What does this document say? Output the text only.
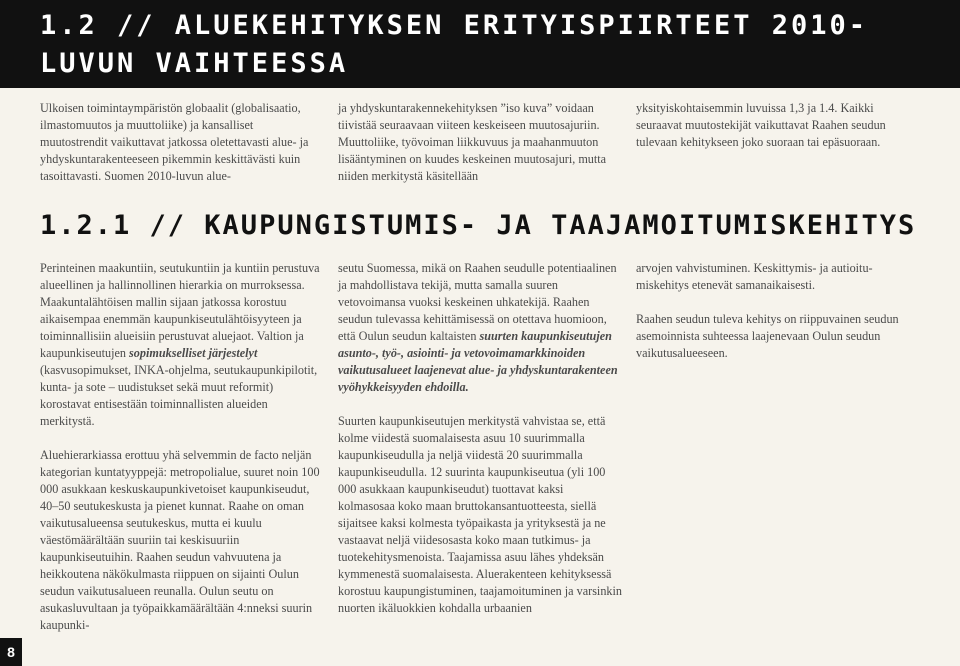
1.2 // ALUEKEHITYKSEN ERITYISPIIRTEET 2010-LUVUN VAIHTEESSA

Ulkoisen toimintaympäristön globaalit (globalisaatio, ilmastomuutos ja muuttoliike) ja kansalliset muutostrendit vaikuttavat jatkossa oletettavasti alue- ja yhdyskuntarakenteeseen pikemmin keskittävästi kuin tasoittavasti. Suomen 2010-luvun alue-

ja yhdyskuntarakennekehityksen ”iso kuva” voidaan tiivistää seuraavaan viiteen keskeiseen muutosajuriin. Muuttoliike, työvoiman liikkuvuus ja maahanmuuton lisääntyminen on kuudes keskeinen muutosajuri, mutta niiden merkitystä käsitellään

yksityiskohtaisemmin luvuissa 1,3 ja 1.4. Kaikki seuraavat muutostekijät vaikuttavat Raahen seudun tulevaan kehitykseen joko suoraan tai epäsuoraan.

1.2.1 // KAUPUNGISTUMIS- JA TAAJAMOITUMISKEHITYS

Perinteinen maakuntiin, seutukuntiin ja kuntiin perustuva alueellinen ja hallinnollinen hierarkia on murroksessa. Maakuntalähtöisen mallin sijaan jatkossa korostuu aikaisempaa enemmän kaupunkiseutulähtöisyyteen ja toiminnallisiin alueisiin perustuvat aluejaot. Valtion ja kaupunkiseutujen sopimukselliset järjestelyt (kasvusopimukset, INKA-ohjelma, seutukaupunkipilotit, kunta- ja sote – uudistukset sekä muut reformit) korostavat entisestään toiminnallisten alueiden merkitystä.

Aluehierarkiassa erottuu yhä selvemmin de facto neljän kategorian kuntatyyppejä: metropolialue, suuret noin 100 000 asukkaan keskuskaupunkivetoiset kaupunkiseudut, 40–50 seutukeskusta ja pienet kunnat. Raahe on oman vaikutusalueensa seutukeskus, mutta ei kuulu väestömäärältään suuriin tai keskisuuriin kaupunkiseutuihin. Raahen seudun vahvuutena ja heikkoutena näkökulmasta riippuen on sijainti Oulun seudun vaikutusalueen reunalla. Oulun seutu on asukasluvultaan ja työpaikkamäärältään 4:nneksi suurin kaupunki-

seutu Suomessa, mikä on Raahen seudulle potentiaalinen ja mahdollistava tekijä, mutta samalla suuren vetovoimansa vuoksi keskeinen uhkatekijä. Raahen seudun tulevassa kehittämisessä on otettava huomioon, että Oulun seudun kaltaisten suurten kaupunkiseutujen asunto-, työ-, asiointi- ja vetovoimamarkkinoiden vaikutusalueet laajenevat alue- ja yhdyskuntarakenteen vyöhykkeisyyden ehdoilla.

Suurten kaupunkiseutujen merkitystä vahvistaa se, että kolme viidestä suomalaisesta asuu 10 suurimmalla kaupunkiseudulla ja neljä viidestä 20 suurimmalla kaupunkiseudulla. 12 suurinta kaupunkiseutua (yli 100 000 asukkaan kaupunkiseudut) tuottavat kaksi kolmasosaa koko maan bruttokansantuotteesta, siellä sijaitsee kaksi kolmesta työpaikasta ja yrityksestä ja ne vastaavat neljä viidesosasta koko maan tutkimus- ja tuotekehitysmenoista. Taajamissa asuu lähes yhdeksän kymmenestä suomalaisesta. Aluerakenteen kehityksessä korostuu kaupungistuminen, taajamoituminen ja varsinkin nuorten ikäluokkien kohdalla urbaanien

arvojen vahvistuminen. Keskittymis- ja autioitumiskehitys etenevät samanaikaisesti.

Raahen seudun tuleva kehitys on riippuvainen seudun asemoinnista suhteessa laajenevaan Oulun seudun vaikutusalueeseen.

8
